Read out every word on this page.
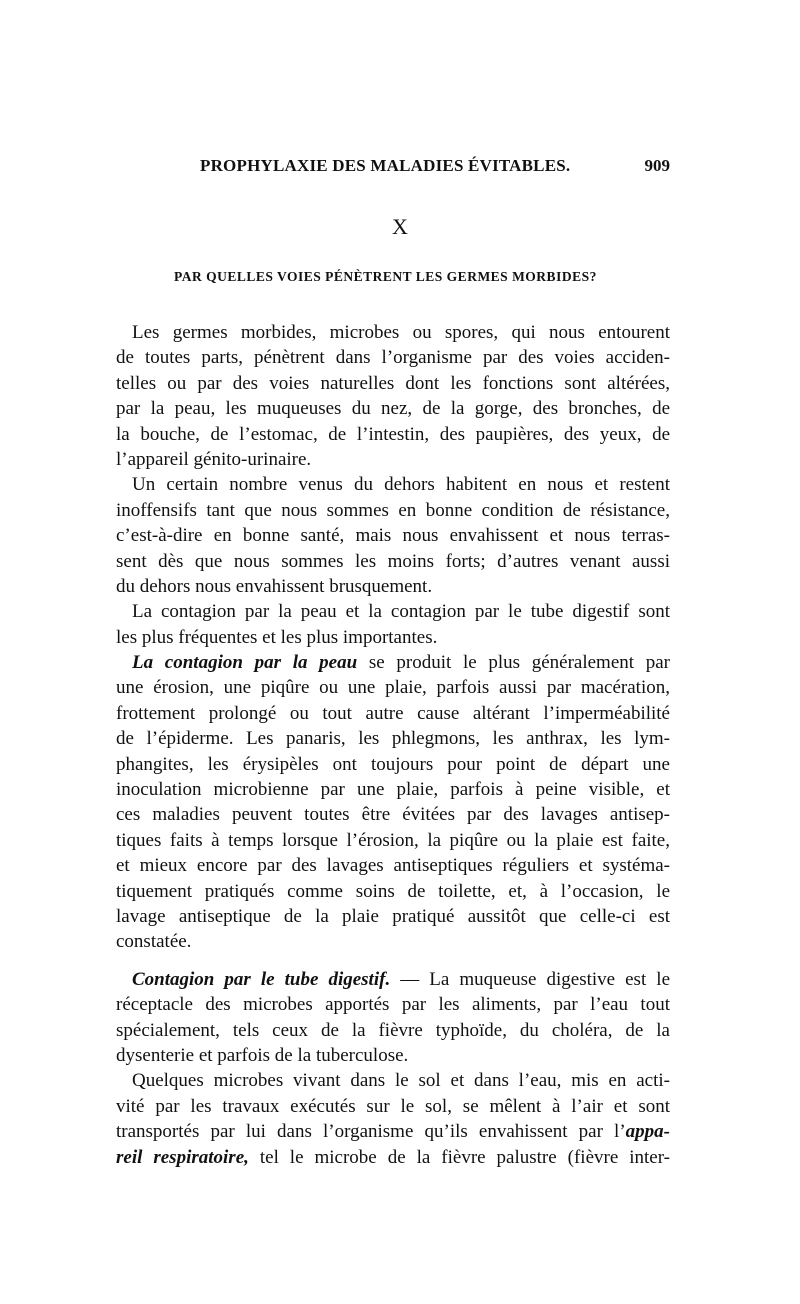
PROPHYLAXIE DES MALADIES ÉVITABLES.	909
X
PAR QUELLES VOIES PÉNÈTRENT LES GERMES MORBIDES?
Les germes morbides, microbes ou spores, qui nous entourent
de toutes parts, pénètrent dans l’organisme par des voies acciden-
telles ou par des voies naturelles dont les fonctions sont altérées,
par la peau, les muqueuses du nez, de la gorge, des bronches, de
la bouche, de l’estomac, de l’intestin, des paupières, des yeux, de
l’appareil génito-urinaire.
Un certain nombre venus du dehors habitent en nous et restent
inoffensifs tant que nous sommes en bonne condition de résistance,
c’est-à-dire en bonne santé, mais nous envahissent et nous terras-
sent dès que nous sommes les moins forts; d’autres venant aussi
du dehors nous envahissent brusquement.
La contagion par la peau et la contagion par le tube digestif sont
les plus fréquentes et les plus importantes.
La contagion par la peau se produit le plus généralement par
une érosion, une piqûre ou une plaie, parfois aussi par macération,
frottement prolongé ou tout autre cause altérant l’imperméabilité
de l’épiderme. Les panaris, les phlegmons, les anthrax, les lym-
phangites, les érysipèles ont toujours pour point de départ une
inoculation microbienne par une plaie, parfois à peine visible, et
ces maladies peuvent toutes être évitées par des lavages antisep-
tiques faits à temps lorsque l’érosion, la piqûre ou la plaie est faite,
et mieux encore par des lavages antiseptiques réguliers et systéma-
tiquement pratiqués comme soins de toilette, et, à l’occasion, le
lavage antiseptique de la plaie pratiqué aussitôt que celle-ci est
constatée.
Contagion par le tube digestif. — La muqueuse digestive est le
réceptacle des microbes apportés par les aliments, par l’eau tout
spécialement, tels ceux de la fièvre typhoïde, du choléra, de la
dysenterie et parfois de la tuberculose.
Quelques microbes vivant dans le sol et dans l’eau, mis en acti-
vité par les travaux exécutés sur le sol, se mêlent à l’air et sont
transportés par lui dans l’organisme qu’ils envahissent par l’appa-
reil respiratoire, tel le microbe de la fièvre palustre (fièvre inter-
